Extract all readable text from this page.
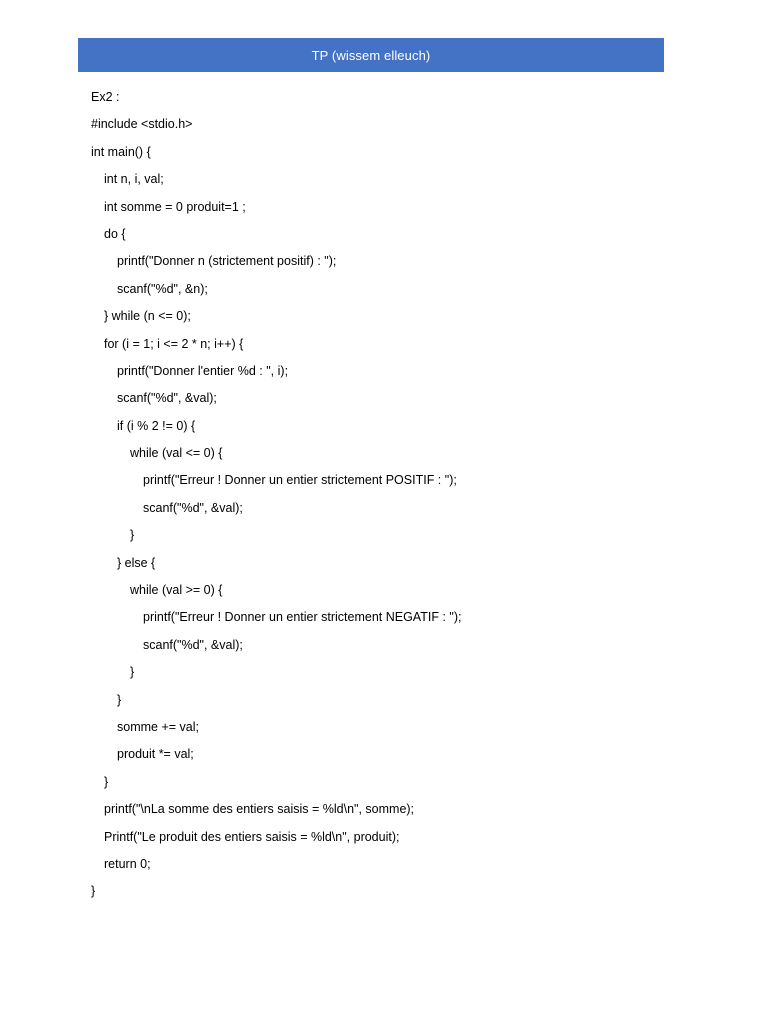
TP (wissem elleuch)
Ex2 :
#include <stdio.h>
int main() {
int n, i, val;
int somme = 0 produit=1 ;
do {
printf("Donner n (strictement positif) : ");
scanf("%d", &n);
} while (n <= 0);
for (i = 1; i <= 2 * n; i++) {
printf("Donner l'entier %d : ", i);
scanf("%d", &val);
if (i % 2 != 0) {
while (val <= 0) {
printf("Erreur ! Donner un entier strictement POSITIF : ");
scanf("%d", &val);
}
} else {
while (val >= 0) {
printf("Erreur ! Donner un entier strictement NEGATIF : ");
scanf("%d", &val);
}
}
somme += val;
produit *= val;
}
printf("\nLa somme des entiers saisis = %ld\n", somme);
Printf("Le produit des entiers saisis = %ld\n", produit);
return 0;
}
